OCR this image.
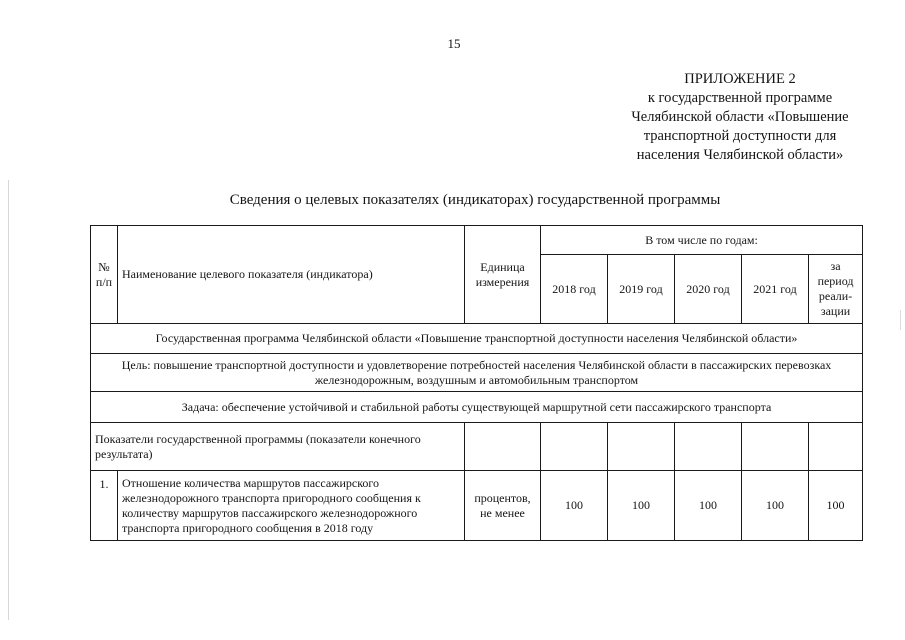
15
ПРИЛОЖЕНИЕ 2
к государственной программе
Челябинской области «Повышение
транспортной доступности для
населения Челябинской области»
Сведения о целевых показателях (индикаторах) государственной программы
№ п/п	Наименование целевого показателя (индикатора)	Единица измерения	В том числе по годам:				
			2018 год	2019 год	2020 год	2021 год	за период реали-зации
Государственная программа Челябинской области «Повышение транспортной доступности населения Челябинской области»							
Цель: повышение транспортной доступности и удовлетворение потребностей населения Челябинской области в пассажирских перевозках железнодорожным, воздушным и автомобильным транспортом							
Задача: обеспечение устойчивой и стабильной работы существующей маршрутной сети пассажирского транспорта							
Показатели государственной программы (показатели конечного результата)							
1.	Отношение количества маршрутов пассажирского железнодорожного транспорта пригородного сообщения к количеству маршрутов пассажирского железнодорожного транспорта пригородного сообщения в 2018 году	процентов, не менее	100	100	100	100	100
